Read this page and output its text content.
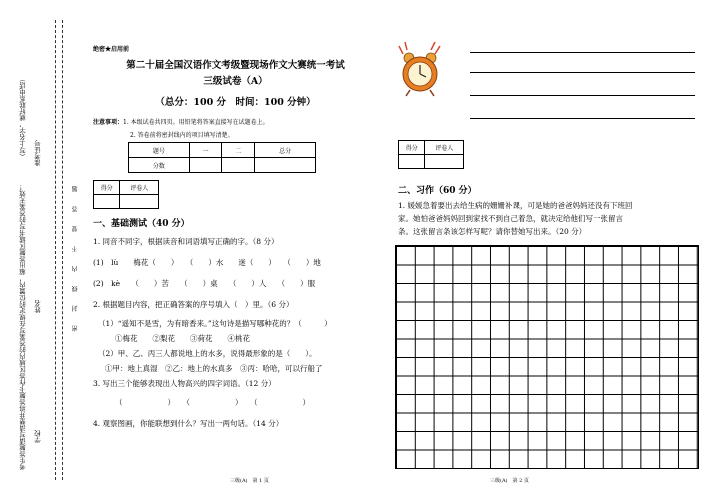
考生答题请写清楚并将答题卡作答区域内的答案写在规定的位置内，超出答题区域书写的答案无效！
（写上名字，就好联系电话）
学校
姓名
准考证号
密 封 线 内 不 要 答 题
绝密★启用前
第二十届全国汉语作文考级暨现场作文大赛统一考试
三级试卷（A）
（总分：100 分　时间：100 分钟）
注意事项：1. 本级试卷共四页。用铅笔将答案直接写在试题卷上。
2. 答卷前将密封线内的项目填写清楚。
题号	一	二	总分
分数			
得分	评卷人

一、基础测试（40 分）
1. 同音不同字，根据读音和词语填写正确的字。（8 分）
(1)　lù　　梅花（　　）　　（　　）水　　迷（　　）　　（　　）地
(2)　kè　　（　　）苦　　（　　）桌　　（　　）人　　（　　）服
2. 根据题目内容，把正确答案的序号填入（　）里。（6 分）
（1）“遥知不是雪，为有暗香来。”这句诗是描写哪种花的？（　　　）
①梅花　　②梨花　　③荷花　　④桃花
（2）甲、乙、丙三人都说地上的水多，说得最形象的是（　　）。
①甲：地上真湿　②乙：地上的水真多　③丙：哈哈，可以行船了
3. 写出三个能够表现出人物高兴的四字词语。（12 分）
（　　　　　　）　　（　　　　　　）　　（　　　　　　）
4. 观察图画，你能联想到什么？写出一两句话。（14 分）
得分	评卷人

二、习作（60 分）
1. 媛媛急着要出去给生病的姗姗补课，可是她的爸爸妈妈还没有下班回
家。她怕爸爸妈妈回到家找不到自己着急，就决定给他们写一张留言
条。这张留言条该怎样写呢？请你替她写出来。（20 分）
三级(A)　第 1 页	三级(A)　第 2 页
